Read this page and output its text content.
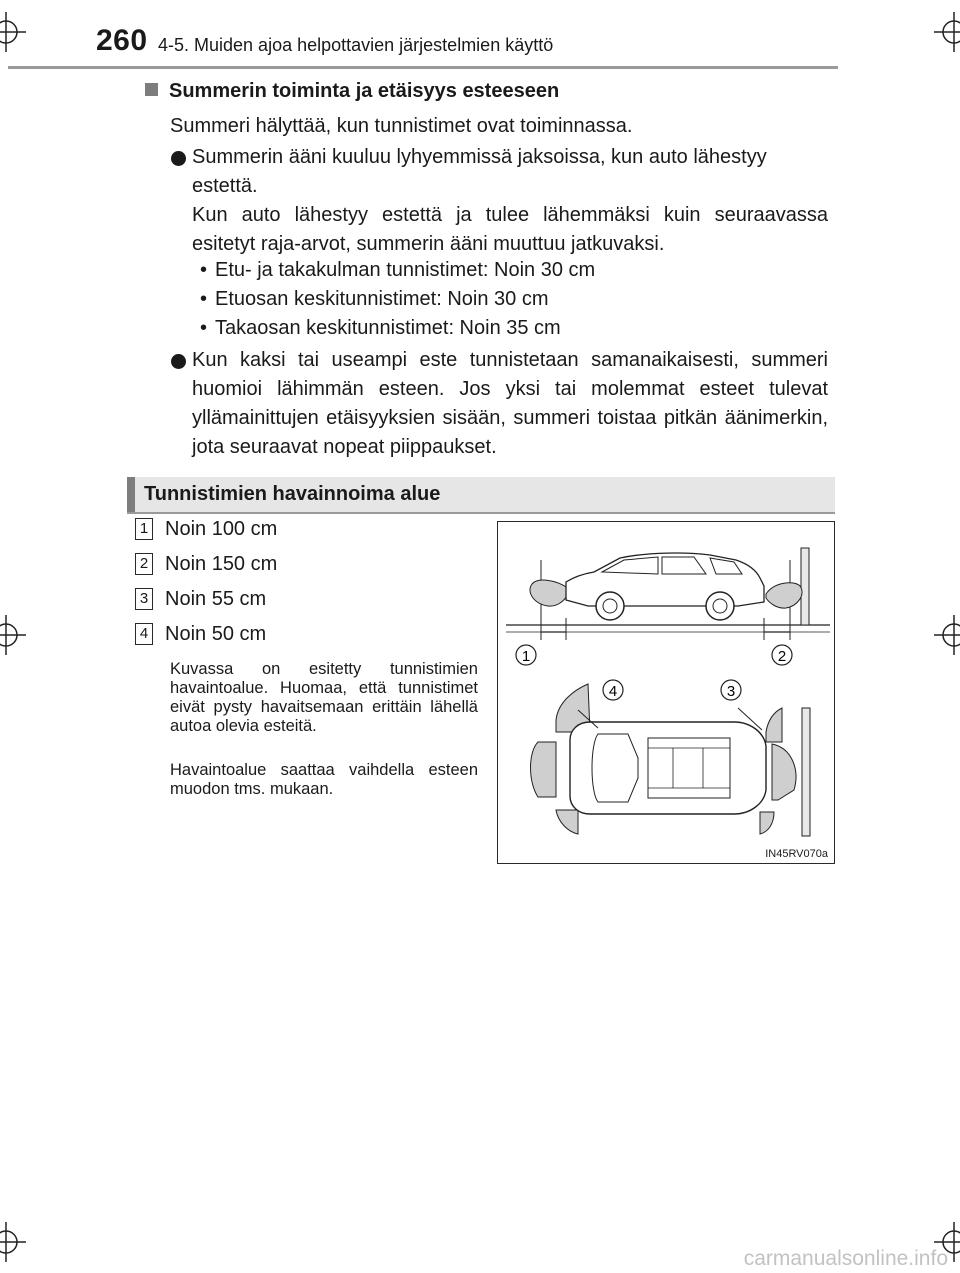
260 4-5. Muiden ajoa helpottavien järjestelmien käyttö
Summerin toiminta ja etäisyys esteeseen
Summeri hälyttää, kun tunnistimet ovat toiminnassa.
Summerin ääni kuuluu lyhyemmissä jaksoissa, kun auto lähestyy
estettä.
Kun auto lähestyy estettä ja tulee lähemmäksi kuin seuraavassa esitetyt raja-arvot, summerin ääni muuttuu jatkuvaksi.
• Etu- ja takakulman tunnistimet: Noin 30 cm
• Etuosan keskitunnistimet: Noin 30 cm
• Takaosan keskitunnistimet: Noin 35 cm
Kun kaksi tai useampi este tunnistetaan samanaikaisesti, summeri huomioi lähimmän esteen. Jos yksi tai molemmat esteet tulevat yllämainittujen etäisyyksien sisään, summeri toistaa pitkän äänimerkin, jota seuraavat nopeat piippaukset.
Tunnistimien havainnoima alue
1 Noin 100 cm
2 Noin 150 cm
3 Noin 55 cm
4 Noin 50 cm
Kuvassa on esitetty tunnistimien havaintoalue. Huomaa, että tunnistimet eivät pysty havaitsemaan erittäin lähellä autoa olevia esteitä.
Havaintoalue saattaa vaihdella esteen muodon tms. mukaan.
1	2
4	3
IN45RV070a
carmanualsonline.info
